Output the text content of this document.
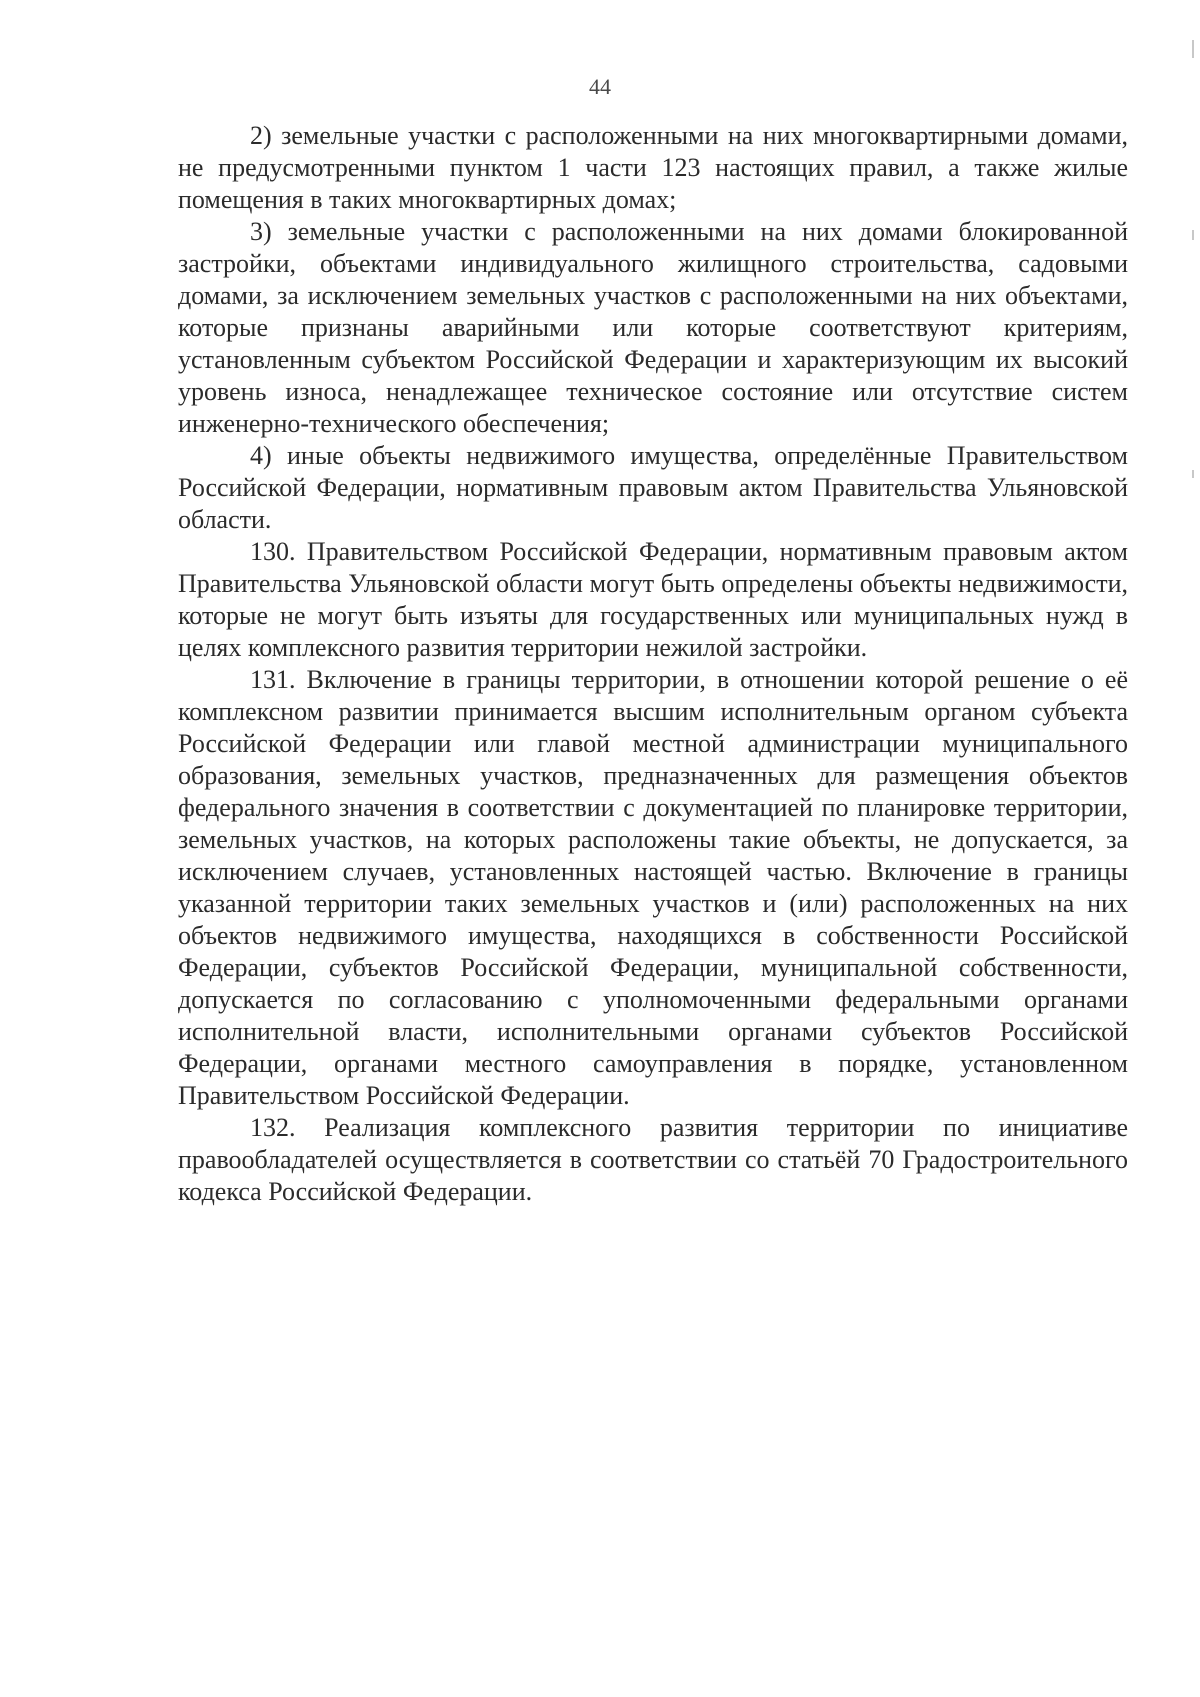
44

2) земельные участки с расположенными на них многоквартирными домами, не предусмотренными пунктом 1 части 123 настоящих правил, а также жилые помещения в таких многоквартирных домах;

3) земельные участки с расположенными на них домами блокированной застройки, объектами индивидуального жилищного строительства, садовыми домами, за исключением земельных участков с расположенными на них объектами, которые признаны аварийными или которые соответствуют критериям, установленным субъектом Российской Федерации и характеризующим их высокий уровень износа, ненадлежащее техническое состояние или отсутствие систем инженерно-технического обеспечения;

4) иные объекты недвижимого имущества, определённые Правительством Российской Федерации, нормативным правовым актом Правительства Ульяновской области.

130. Правительством Российской Федерации, нормативным правовым актом Правительства Ульяновской области могут быть определены объекты недвижимости, которые не могут быть изъяты для государственных или муниципальных нужд в целях комплексного развития территории нежилой застройки.

131. Включение в границы территории, в отношении которой решение о её комплексном развитии принимается высшим исполнительным органом субъекта Российской Федерации или главой местной администрации муниципального образования, земельных участков, предназначенных для размещения объектов федерального значения в соответствии с документацией по планировке территории, земельных участков, на которых расположены такие объекты, не допускается, за исключением случаев, установленных настоящей частью. Включение в границы указанной территории таких земельных участков и (или) расположенных на них объектов недвижимого имущества, находящихся в собственности Российской Федерации, субъектов Российской Федерации, муниципальной собственности, допускается по согласованию с уполномоченными федеральными органами исполнительной власти, исполнительными органами субъектов Российской Федерации, органами местного самоуправления в порядке, установленном Правительством Российской Федерации.

132. Реализация комплексного развития территории по инициативе правообладателей осуществляется в соответствии со статьёй 70 Градостроительного кодекса Российской Федерации.
